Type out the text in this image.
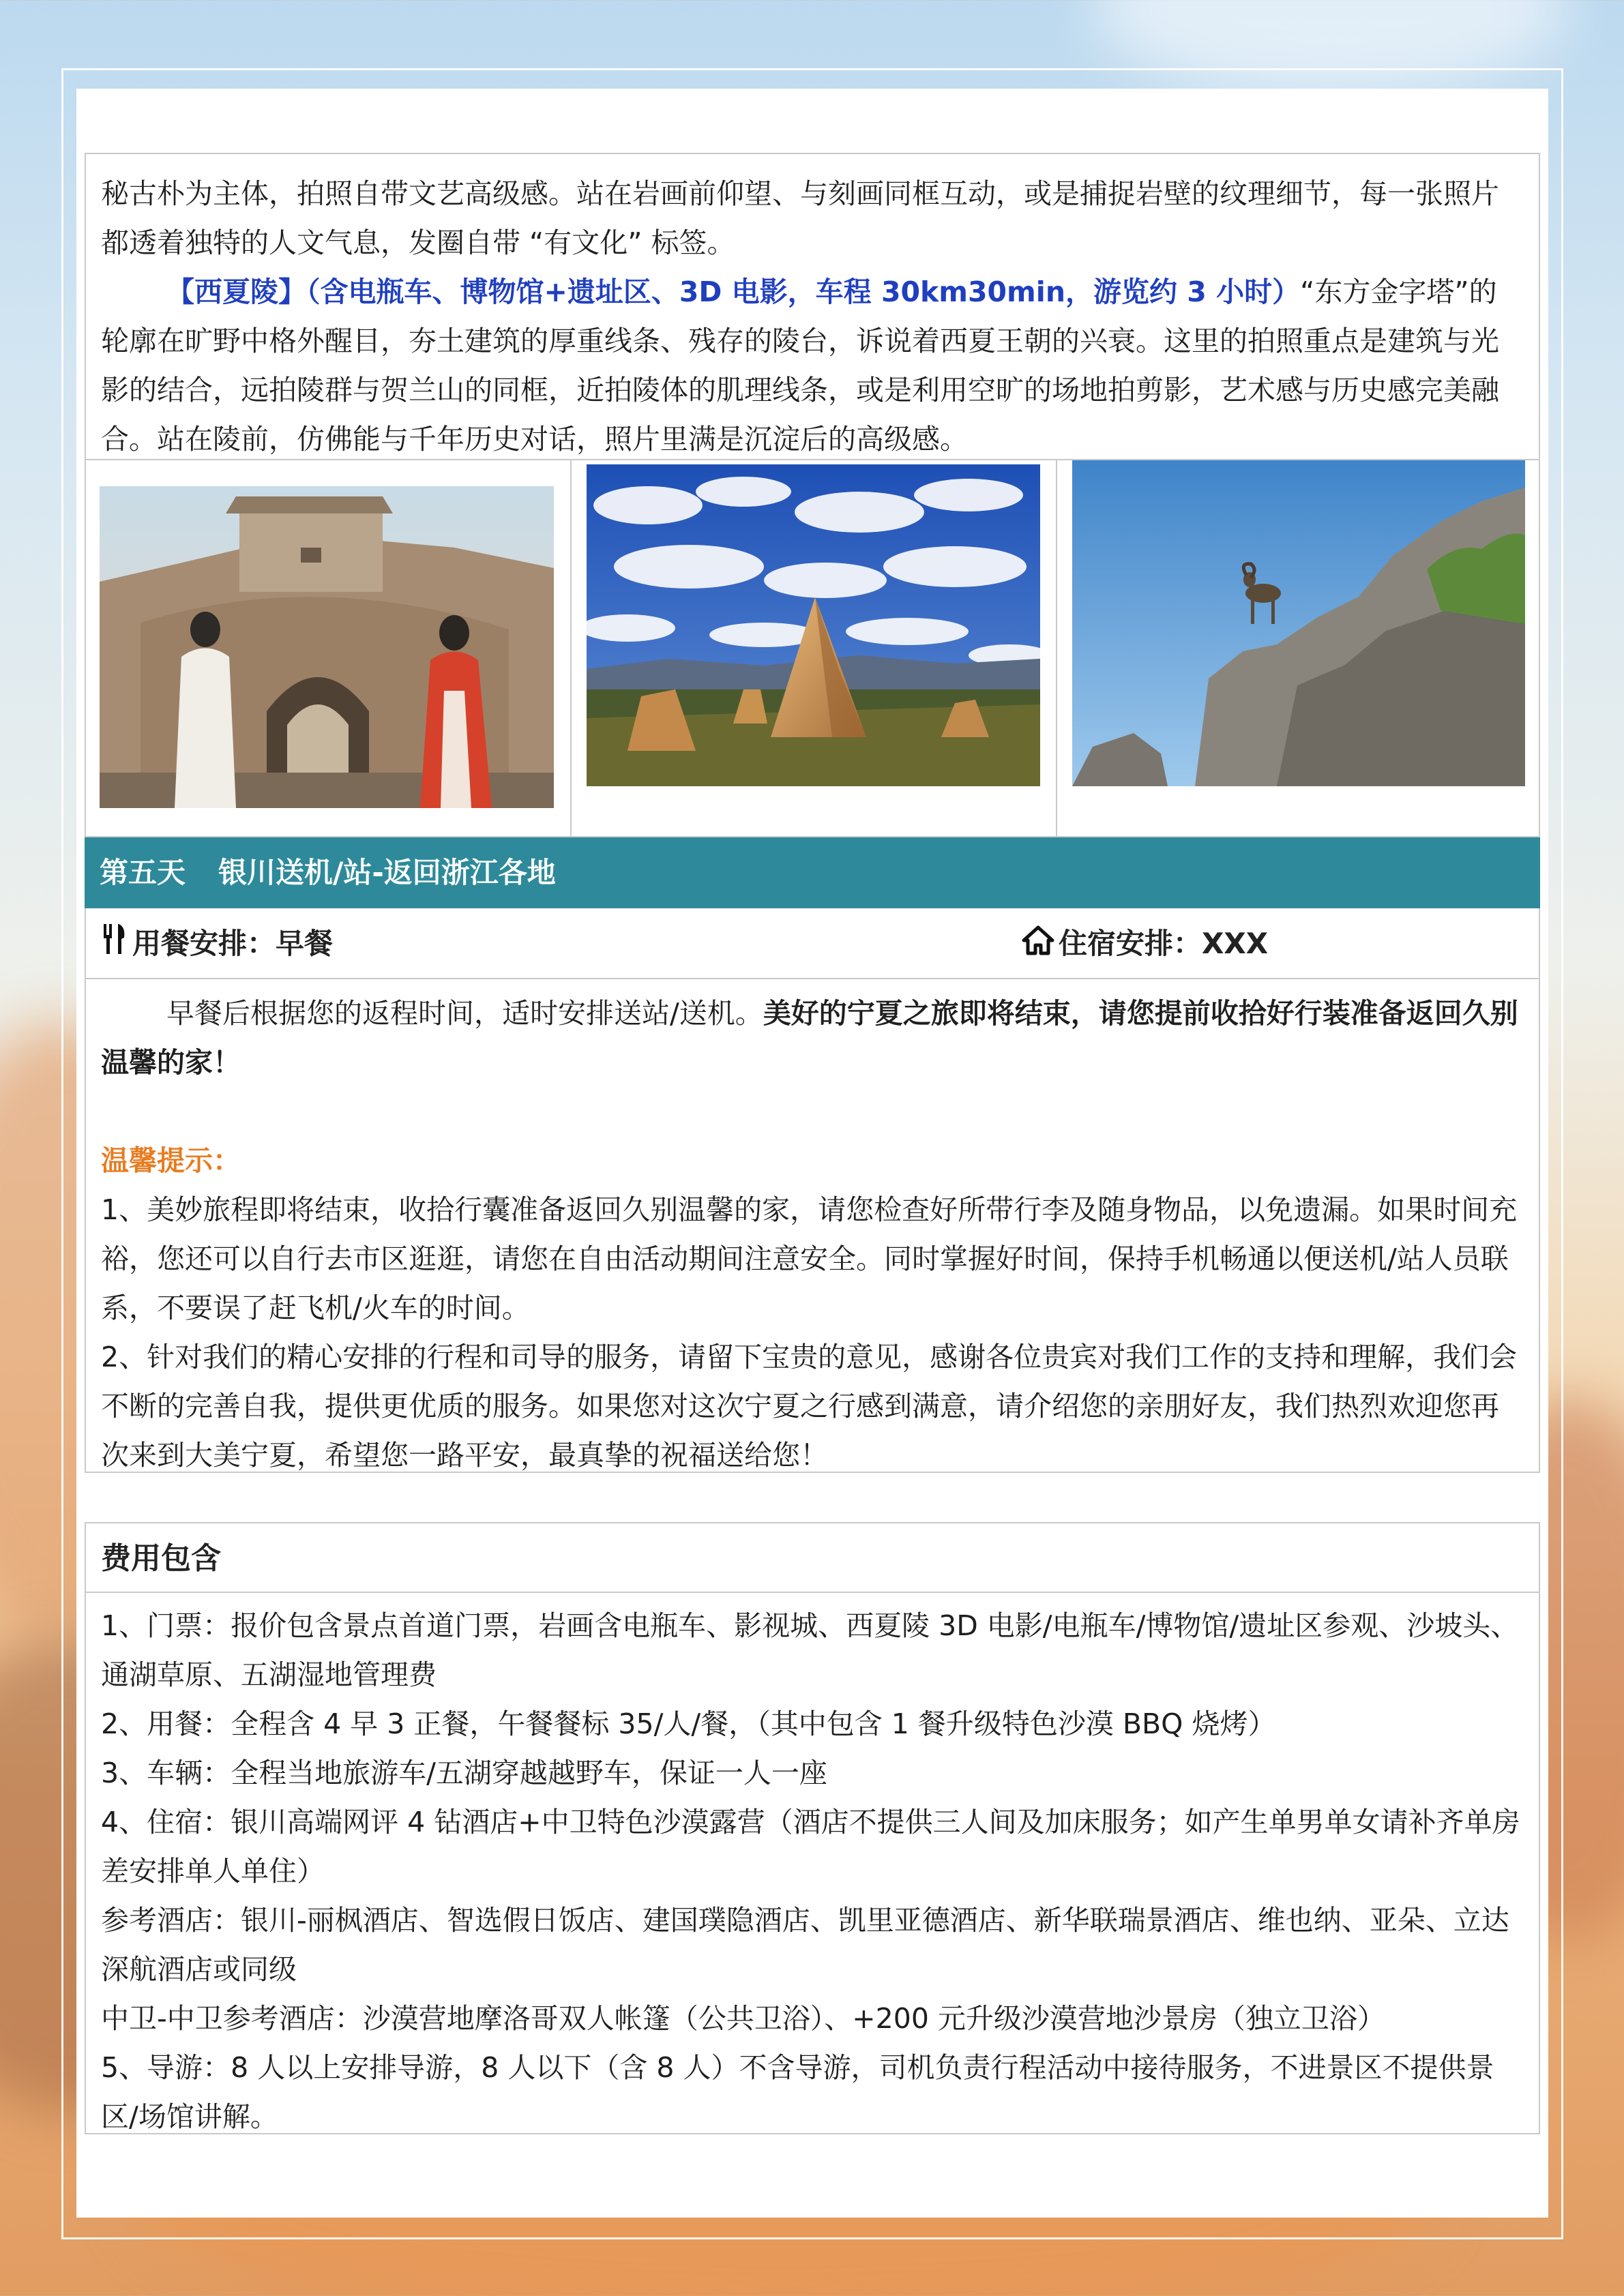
秘古朴为主体，拍照自带文艺高级感。站在岩画前仰望、与刻画同框互动，或是捕捉岩壁的纹理细节，每一张照片都透着独特的人文气息，发圈自带 “有文化” 标签。

【西夏陵】（含电瓶车、博物馆+遗址区、3D 电影，车程 30km30min，游览约 3 小时）“东方金字塔”的轮廓在旷野中格外醒目，夯土建筑的厚重线条、残存的陵台，诉说着西夏王朝的兴衰。这里的拍照重点是建筑与光影的结合，远拍陵群与贺兰山的同框，近拍陵体的肌理线条，或是利用空旷的场地拍剪影，艺术感与历史感完美融合。站在陵前，仿佛能与千年历史对话，照片里满是沉淀后的高级感。

第五天 银川送机/站-返回浙江各地
用餐安排：早餐	住宿安排：XXX

早餐后根据您的返程时间，适时安排送站/送机。美好的宁夏之旅即将结束，请您提前收拾好行装准备返回久别温馨的家！

温馨提示：

1、美妙旅程即将结束，收拾行囊准备返回久别温馨的家，请您检查好所带行李及随身物品，以免遗漏。如果时间充裕，您还可以自行去市区逛逛，请您在自由活动期间注意安全。同时掌握好时间，保持手机畅通以便送机/站人员联系，不要误了赶飞机/火车的时间。

2、针对我们的精心安排的行程和司导的服务，请留下宝贵的意见，感谢各位贵宾对我们工作的支持和理解，我们会不断的完善自我，提供更优质的服务。如果您对这次宁夏之行感到满意，请介绍您的亲朋好友，我们热烈欢迎您再次来到大美宁夏，希望您一路平安，最真挚的祝福送给您！

费用包含

1、门票：报价包含景点首道门票，岩画含电瓶车、影视城、西夏陵 3D 电影/电瓶车/博物馆/遗址区参观、沙坡头、通湖草原、五湖湿地管理费

2、用餐：全程含 4 早 3 正餐，午餐餐标 35/人/餐，（其中包含 1 餐升级特色沙漠 BBQ 烧烤）

3、车辆：全程当地旅游车/五湖穿越越野车，保证一人一座

4、住宿：银川高端网评 4 钻酒店+中卫特色沙漠露营（酒店不提供三人间及加床服务；如产生单男单女请补齐单房差安排单人单住）

参考酒店：银川-丽枫酒店、智选假日饭店、建国璞隐酒店、凯里亚德酒店、新华联瑞景酒店、维也纳、亚朵、立达深航酒店或同级

中卫-中卫参考酒店：沙漠营地摩洛哥双人帐篷（公共卫浴）、+200 元升级沙漠营地沙景房（独立卫浴）

5、导游：8 人以上安排导游，8 人以下（含 8 人）不含导游，司机负责行程活动中接待服务，不进景区不提供景区/场馆讲解。
